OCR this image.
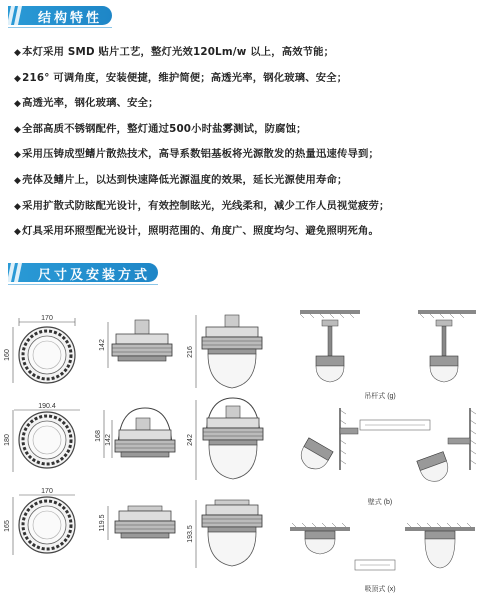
结构特性
◆本灯采用 SMD 贴片工艺，整灯光效120Lm/w 以上，高效节能；
◆216° 可调角度，安装便捷，维护简便；高透光率，钢化玻璃、安全；
◆高透光率，钢化玻璃、安全；
◆全部高质不锈钢配件，整灯通过500小时盐雾测试，防腐蚀；
◆采用压铸成型鳍片散热技术，高导系数铝基板将光源散发的热量迅速传导到；
◆壳体及鳍片上，以达到快速降低光源温度的效果，延长光源使用寿命；
◆采用扩散式防眩配光设计，有效控制眩光，光线柔和，减少工作人员视觉疲劳；
◆灯具采用环照型配光设计，照明范围的、角度广、照度均匀、避免照明死角。
尺寸及安装方式
170
160
142
216
190.4
180	168 142	242
170
165	119.5
193.5
吊杆式 (g)
壁式 (b)
吸顶式 (x)
